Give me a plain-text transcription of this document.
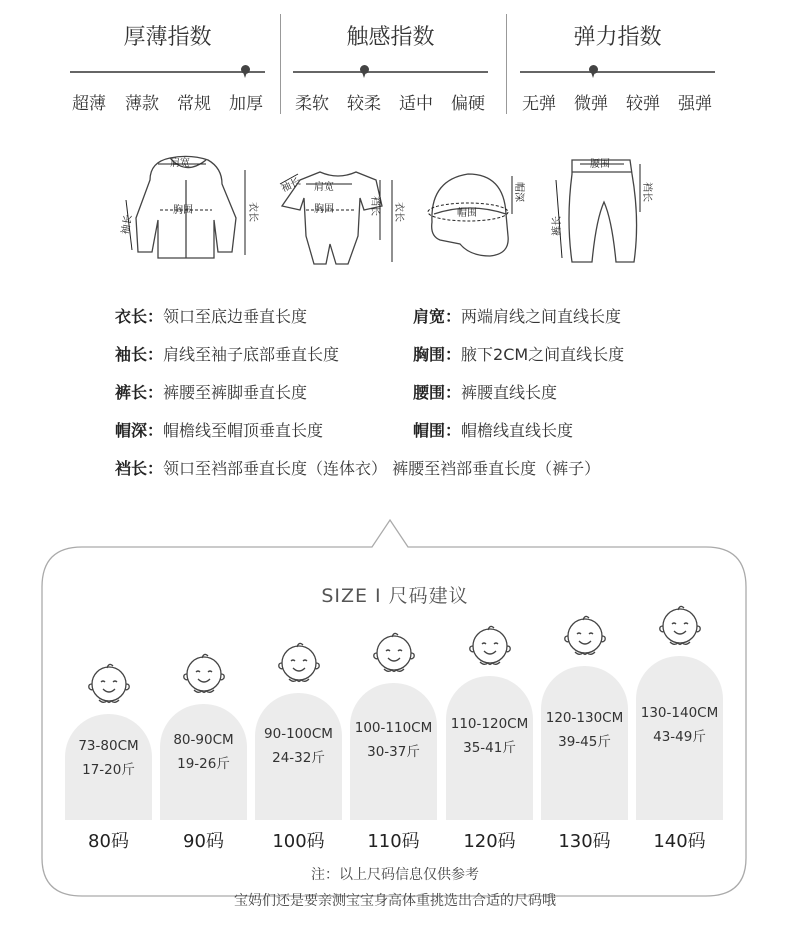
厚薄指数
超薄 薄款 常规 加厚
触感指数
柔软 较柔 适中 偏硬
弹力指数
无弹 微弹 较弹 强弹
肩宽
胸围
袖长
衣长
袖长 肩宽
胸围	裆长 衣长	帽围
帽深
腰围
裤长
裆长
衣长：领口至底边垂直长度	肩宽：两端肩线之间直线长度
袖长：肩线至袖子底部垂直长度	胸围：腋下2CM之间直线长度
裤长：裤腰至裤脚垂直长度	腰围：裤腰直线长度
帽深：帽檐线至帽顶垂直长度	帽围：帽檐线直线长度
裆长：领口至裆部垂直长度（连体衣） 裤腰至裆部垂直长度（裤子）
SIZE I 尺码建议
73-80CM
17-20斤
80码
80-90CM
19-26斤
90码
90-100CM
24-32斤
100码
100-110CM
30-37斤
110码
110-120CM
35-41斤
120码
120-130CM
39-45斤
130码
130-140CM
43-49斤
140码
注：以上尺码信息仅供参考
宝妈们还是要亲测宝宝身高体重挑选出合适的尺码哦
